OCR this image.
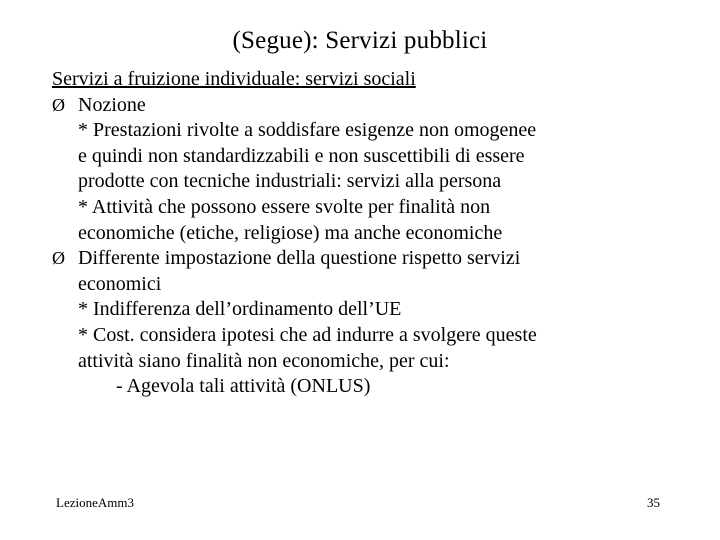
(Segue): Servizi pubblici
Servizi a fruizione individuale: servizi sociali
Ø Nozione
* Prestazioni rivolte a soddisfare esigenze non omogenee
e quindi non standardizzabili e non suscettibili di essere
prodotte con tecniche industriali: servizi alla persona
* Attività che possono essere svolte per finalità non
economiche (etiche, religiose) ma anche economiche
Ø Differente impostazione della questione rispetto servizi
economici
* Indifferenza dell’ordinamento dell’UE
* Cost. considera ipotesi che ad indurre a svolgere queste
attività siano finalità non economiche, per cui:
- Agevola tali attività (ONLUS)
LezioneAmm3	35
